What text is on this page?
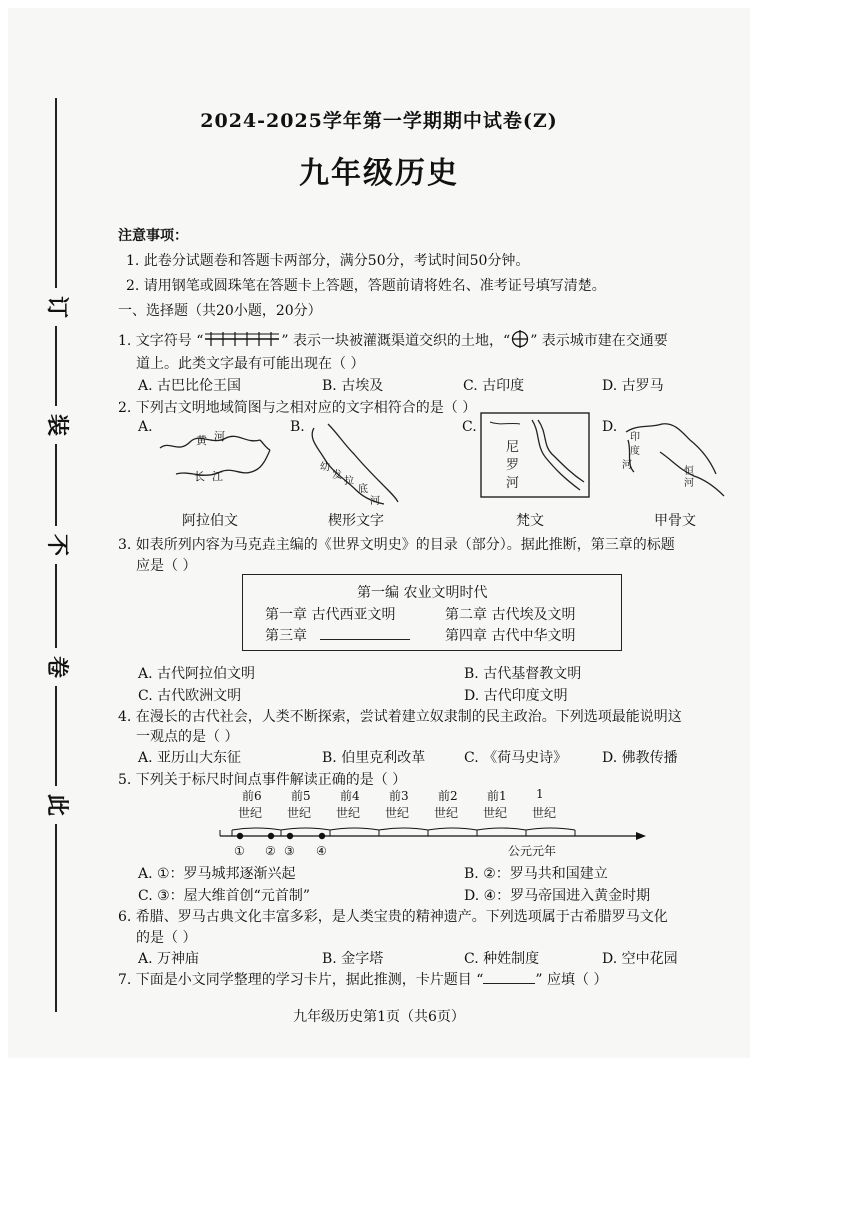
订
装
不
卷
此
2024-2025学年第一学期期中试卷(Z)
九年级历史
注意事项：
1. 此卷分试题卷和答题卡两部分，满分50分，考试时间50分钟。
2. 请用钢笔或圆珠笔在答题卡上答题，答题前请将姓名、准考证号填写清楚。
一、选择题（共20小题，20分）
1. 文字符号 “	” 表示一块被灌溉渠道交织的土地，“ ” 表示城市建在交通要
道上。此类文字最有可能出现在（ ）
A. 古巴比伦王国	B. 古埃及	C. 古印度	D. 古罗马
2. 下列古文明地域简图与之相对应的文字相符合的是（ ）
A.	B.	C.	D.
黄 河
长 江
幼
发
拉
底
河
尼
罗
河
印
度
河
恒
河
阿拉伯文	楔形文字	梵文	甲骨文
3. 如表所列内容为马克垚主编的《世界文明史》的目录（部分）。据此推断，第三章的标题
应是（ ）
第一编 农业文明时代
第一章 古代西亚文明	第二章 古代埃及文明
第三章	第四章 古代中华文明
A. 古代阿拉伯文明	B. 古代基督教文明
C. 古代欧洲文明	D. 古代印度文明
4. 在漫长的古代社会，人类不断探索，尝试着建立奴隶制的民主政治。下列选项最能说明这
一观点的是（ ）
A. 亚历山大东征	B. 伯里克利改革	C. 《荷马史诗》 D. 佛教传播
5. 下列关于标尺时间点事件解读正确的是（ ）
前6
世纪
前5
世纪
前4
世纪
前3
世纪
前2
世纪
前1
世纪
1
世纪
① ② ③ ④	公元元年
A. ①：罗马城邦逐渐兴起	B. ②：罗马共和国建立
C. ③：屋大维首创“元首制”	D. ④：罗马帝国进入黄金时期
6. 希腊、罗马古典文化丰富多彩，是人类宝贵的精神遗产。下列选项属于古希腊罗马文化
的是（ ）
A. 万神庙	B. 金字塔	C. 种姓制度	D. 空中花园
7. 下面是小文同学整理的学习卡片，据此推测，卡片题目 “	” 应填（ ）
九年级历史第1页（共6页）
